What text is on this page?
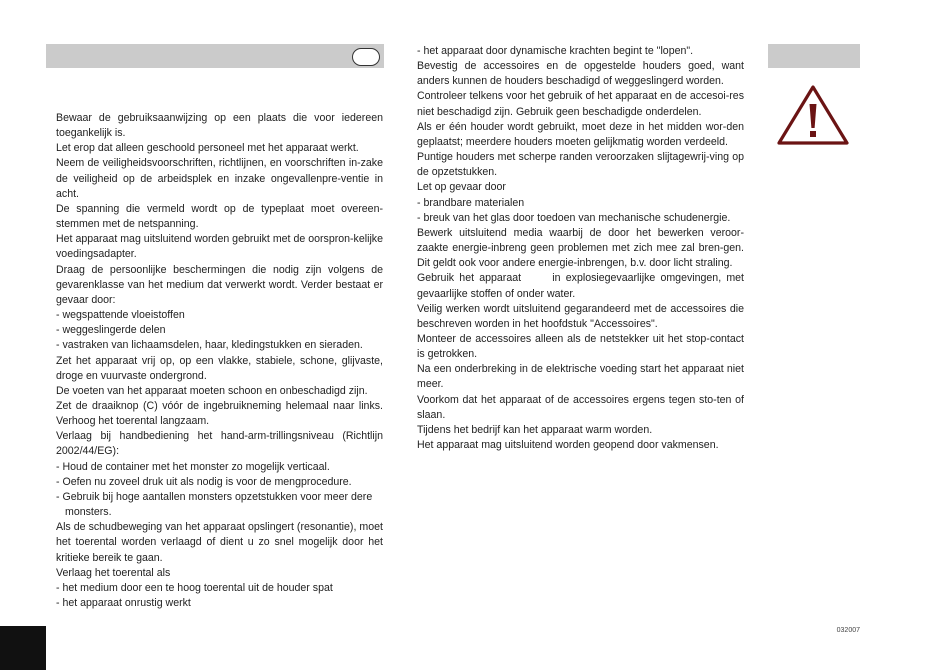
Bewaar de gebruiksaanwijzing op een plaats die voor iedereen toegankelijk is.
Let erop dat alleen geschoold personeel met het apparaat werkt.
Neem de veiligheidsvoorschriften, richtlijnen, en voorschriften in-zake de veiligheid op de arbeidsplek en inzake ongevallenpre-ventie in acht.
De spanning die vermeld wordt op de typeplaat moet overeen-stemmen met de netspanning.
Het apparaat mag uitsluitend worden gebruikt met de oorspron-kelijke voedingsadapter.
Draag de persoonlijke beschermingen die nodig zijn volgens de gevarenklasse van het medium dat verwerkt wordt. Verder bestaat er gevaar door:
- wegspattende vloeistoffen
- weggeslingerde delen
- vastraken van lichaamsdelen, haar, kledingstukken en sieraden.
Zet het apparaat vrij op, op een vlakke, stabiele, schone, glijvaste, droge en vuurvaste ondergrond.
De voeten van het apparaat moeten schoon en onbeschadigd zijn.
Zet de draaiknop (C) vóór de ingebruikneming helemaal naar links. Verhoog het toerental langzaam.
Verlaag bij handbediening het hand-arm-trillingsniveau (Richtlijn 2002/44/EG):
- Houd de container met het monster zo mogelijk verticaal.
- Oefen nu zoveel druk uit als nodig is voor de mengprocedure.
- Gebruik bij hoge aantallen monsters opzetstukken voor meer dere monsters.
Als de schudbeweging van het apparaat opslingert (resonantie), moet het toerental worden verlaagd of dient u zo snel mogelijk door het kritieke bereik te gaan.
Verlaag het toerental als
- het medium door een te hoog toerental uit de houder spat
- het apparaat onrustig werkt
- het apparaat door dynamische krachten begint te "lopen".
Bevestig de accessoires en de opgestelde houders goed, want anders kunnen de houders beschadigd of weggeslingerd worden.
Controleer telkens voor het gebruik of het apparaat en de accesoi-res niet beschadigd zijn. Gebruik geen beschadigde onderdelen.
Als er één houder wordt gebruikt, moet deze in het midden wor-den geplaatst; meerdere houders moeten gelijkmatig worden verdeeld.
Puntige houders met scherpe randen veroorzaken slijtagewrij-ving op de opzetstukken.
Let op gevaar door
- brandbare materialen
- breuk van het glas door toedoen van mechanische schudenergie.
Bewerk uitsluitend media waarbij de door het bewerken veroor-zaakte energie-inbreng geen problemen met zich mee zal bren-gen. Dit geldt ook voor andere energie-inbrengen, b.v. door licht straling.
Gebruik het apparaat      in explosiegevaarlijke omgevingen, met gevaarlijke stoffen of onder water.
Veilig werken wordt uitsluitend gegarandeerd met de accessoires die beschreven worden in het hoofdstuk "Accessoires".
Monteer de accessoires alleen als de netstekker uit het stop-contact is getrokken.
Na een onderbreking in de elektrische voeding start het apparaat niet meer.
Voorkom dat het apparaat of de accessoires ergens tegen sto-ten of slaan.
Tijdens het bedrijf kan het apparaat warm worden.
Het apparaat mag uitsluitend worden geopend door vakmensen.
032007
